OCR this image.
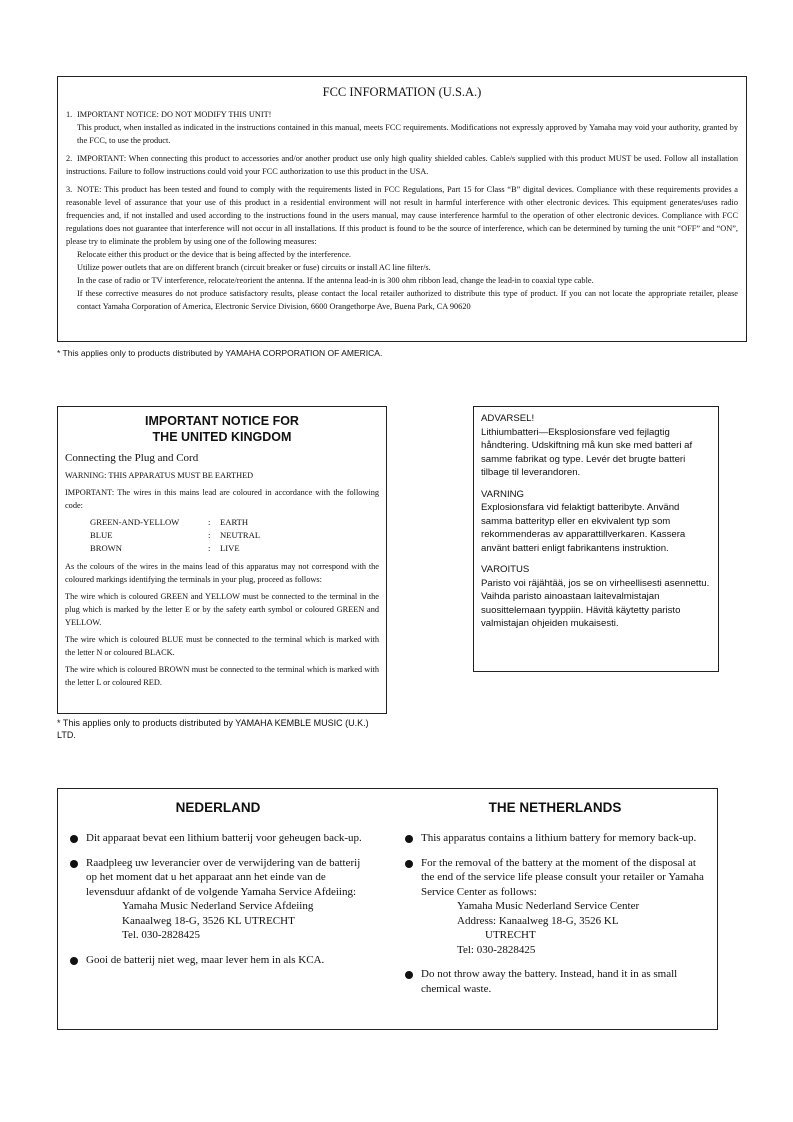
FCC INFORMATION (U.S.A.)
1. IMPORTANT NOTICE: DO NOT MODIFY THIS UNIT!
This product, when installed as indicated in the instructions contained in this manual, meets FCC requirements. Modifications not expressly approved by Yamaha may void your authority, granted by the FCC, to use the product.
2. IMPORTANT: When connecting this product to accessories and/or another product use only high quality shielded cables. Cable/s supplied with this product MUST be used. Follow all installation instructions. Failure to follow instructions could void your FCC authorization to use this product in the USA.
3. NOTE: This product has been tested and found to comply with the requirements listed in FCC Regulations, Part 15 for Class “B” digital devices. Compliance with these requirements provides a reasonable level of assurance that your use of this product in a residential environment will not result in harmful interference with other electronic devices. This equipment generates/uses radio frequencies and, if not installed and used according to the instructions found in the users manual, may cause interference harmful to the operation of other electronic devices. Compliance with FCC regulations does not guarantee that interference will not occur in all installations. If this product is found to be the source of interference, which can be determined by turning the unit “OFF” and “ON”, please try to eliminate the problem by using one of the following measures:
Relocate either this product or the device that is being affected by the interference.
Utilize power outlets that are on different branch (circuit breaker or fuse) circuits or install AC line filter/s.
In the case of radio or TV interference, relocate/reorient the antenna. If the antenna lead-in is 300 ohm ribbon lead, change the lead-in to coaxial type cable.
If these corrective measures do not produce satisfactory results, please contact the local retailer authorized to distribute this type of product. If you can not locate the appropriate retailer, please contact Yamaha Corporation of America, Electronic Service Division, 6600 Orangethorpe Ave, Buena Park, CA 90620
* This applies only to products distributed by YAMAHA CORPORATION OF AMERICA.
IMPORTANT NOTICE FOR
THE UNITED KINGDOM
Connecting the Plug and Cord

WARNING: THIS APPARATUS MUST BE EARTHED

IMPORTANT: The wires in this mains lead are coloured in accordance with the following code:

GREEN-AND-YELLOW	:	EARTH
BLUE	:	NEUTRAL
BROWN	:	LIVE

As the colours of the wires in the mains lead of this apparatus may not correspond with the coloured markings identifying the terminals in your plug, proceed as follows:

The wire which is coloured GREEN and YELLOW must be connected to the terminal in the plug which is marked by the letter E or by the safety earth symbol or coloured GREEN and YELLOW.

The wire which is coloured BLUE must be connected to the terminal which is marked with the letter N or coloured BLACK.

The wire which is coloured BROWN must be connected to the terminal which is marked with the letter L or coloured RED.

* This applies only to products distributed by YAMAHA KEMBLE MUSIC (U.K.) LTD.
ADVARSEL!
Lithiumbatteri—Eksplosionsfare ved fejlagtig håndtering. Udskiftning må kun ske med batteri af samme fabrikat og type. Levér det brugte batteri tilbage til leverandoren.
VARNING
Explosionsfara vid felaktigt batteribyte. Använd samma batterityp eller en ekvivalent typ som rekommenderas av apparattillverkaren. Kassera använt batteri enligt fabrikantens instruktion.
VAROITUS
Paristo voi räjähtää, jos se on virheellisesti asennettu. Vaihda paristo ainoastaan laitevalmistajan suosittelemaan tyyppiin. Hävitä käytetty paristo valmistajan ohjeiden mukaisesti.
NEDERLAND
Dit apparaat bevat een lithium batterij voor geheugen back-up.
Raadpleeg uw leverancier over de verwijdering van de batterij op het moment dat u het apparaat ann het einde van de levensduur afdankt of de volgende Yamaha Service Afdeiing:
Yamaha Music Nederland Service Afdeiing
Kanaalweg 18-G, 3526 KL UTRECHT
Tel. 030-2828425
Gooi de batterij niet weg, maar lever hem in als KCA.
THE NETHERLANDS
This apparatus contains a lithium battery for memory back-up.
For the removal of the battery at the moment of the disposal at the end of the service life please consult your retailer or Yamaha Service Center as follows:
Yamaha Music Nederland Service Center
Address: Kanaalweg 18-G, 3526 KL
UTRECHT
Tel: 030-2828425
Do not throw away the battery. Instead, hand it in as small chemical waste.
